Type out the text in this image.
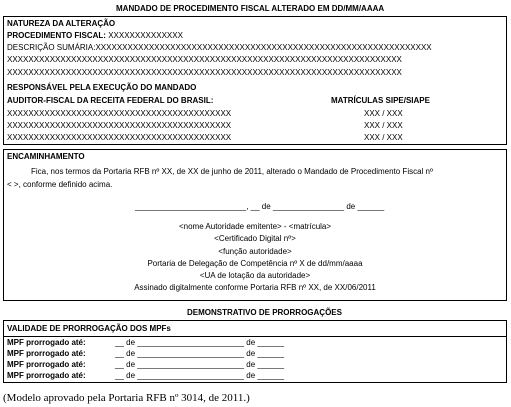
MANDADO DE PROCEDIMENTO FISCAL ALTERADO EM DD/MM/AAAA
NATUREZA DA ALTERAÇÃO
PROCEDIMENTO FISCAL: XXXXXXXXXXXXXX
DESCRIÇÃO SUMÁRIA:XXXXXXXXXXXXXXXXXXXXXXXXXXXXXXXXXXXXXXXXXXXXXXXXXXXXXXXXXXXXXXX
XXXXXXXXXXXXXXXXXXXXXXXXXXXXXXXXXXXXXXXXXXXXXXXXXXXXXXXXXXXXXXXXXXXXXXXXXX
XXXXXXXXXXXXXXXXXXXXXXXXXXXXXXXXXXXXXXXXXXXXXXXXXXXXXXXXXXXXXXXXXXXXXXXXXX
RESPONSÁVEL PELA EXECUÇÃO DO MANDADO
AUDITOR-FISCAL DA RECEITA FEDERAL DO BRASIL:	MATRÍCULAS SIPE/SIAPE
XXXXXXXXXXXXXXXXXXXXXXXXXXXXXXXXXXXXXXXXXX	XXX / XXX
XXXXXXXXXXXXXXXXXXXXXXXXXXXXXXXXXXXXXXXXXX	XXX / XXX
XXXXXXXXXXXXXXXXXXXXXXXXXXXXXXXXXXXXXXXXXX	XXX / XXX
ENCAMINHAMENTO
Fica, nos termos da Portaria RFB nº XX, de XX de junho de 2011, alterado o Mandado de Procedimento Fiscal nº
< >, conforme definido acima.
_________________________, __ de ________________ de ______
<nome Autoridade emitente> - <matrícula>
<Certificado Digital nº>
<função autoridade>
Portaria de Delegação de Competência nº X de dd/mm/aaaa
<UA de lotação da autoridade>
Assinado digitalmente conforme Portaria RFB nº XX, de XX/06/2011
DEMONSTRATIVO DE PRORROGAÇÕES
VALIDADE DE PRORROGAÇÃO DOS MPFs
MPF prorrogado até:	__ de ________________________ de ______
MPF prorrogado até:	__ de ________________________ de ______
MPF prorrogado até:	__ de ________________________ de ______
MPF prorrogado até:	__ de ________________________ de ______
(Modelo aprovado pela Portaria RFB nº 3014, de 2011.)
